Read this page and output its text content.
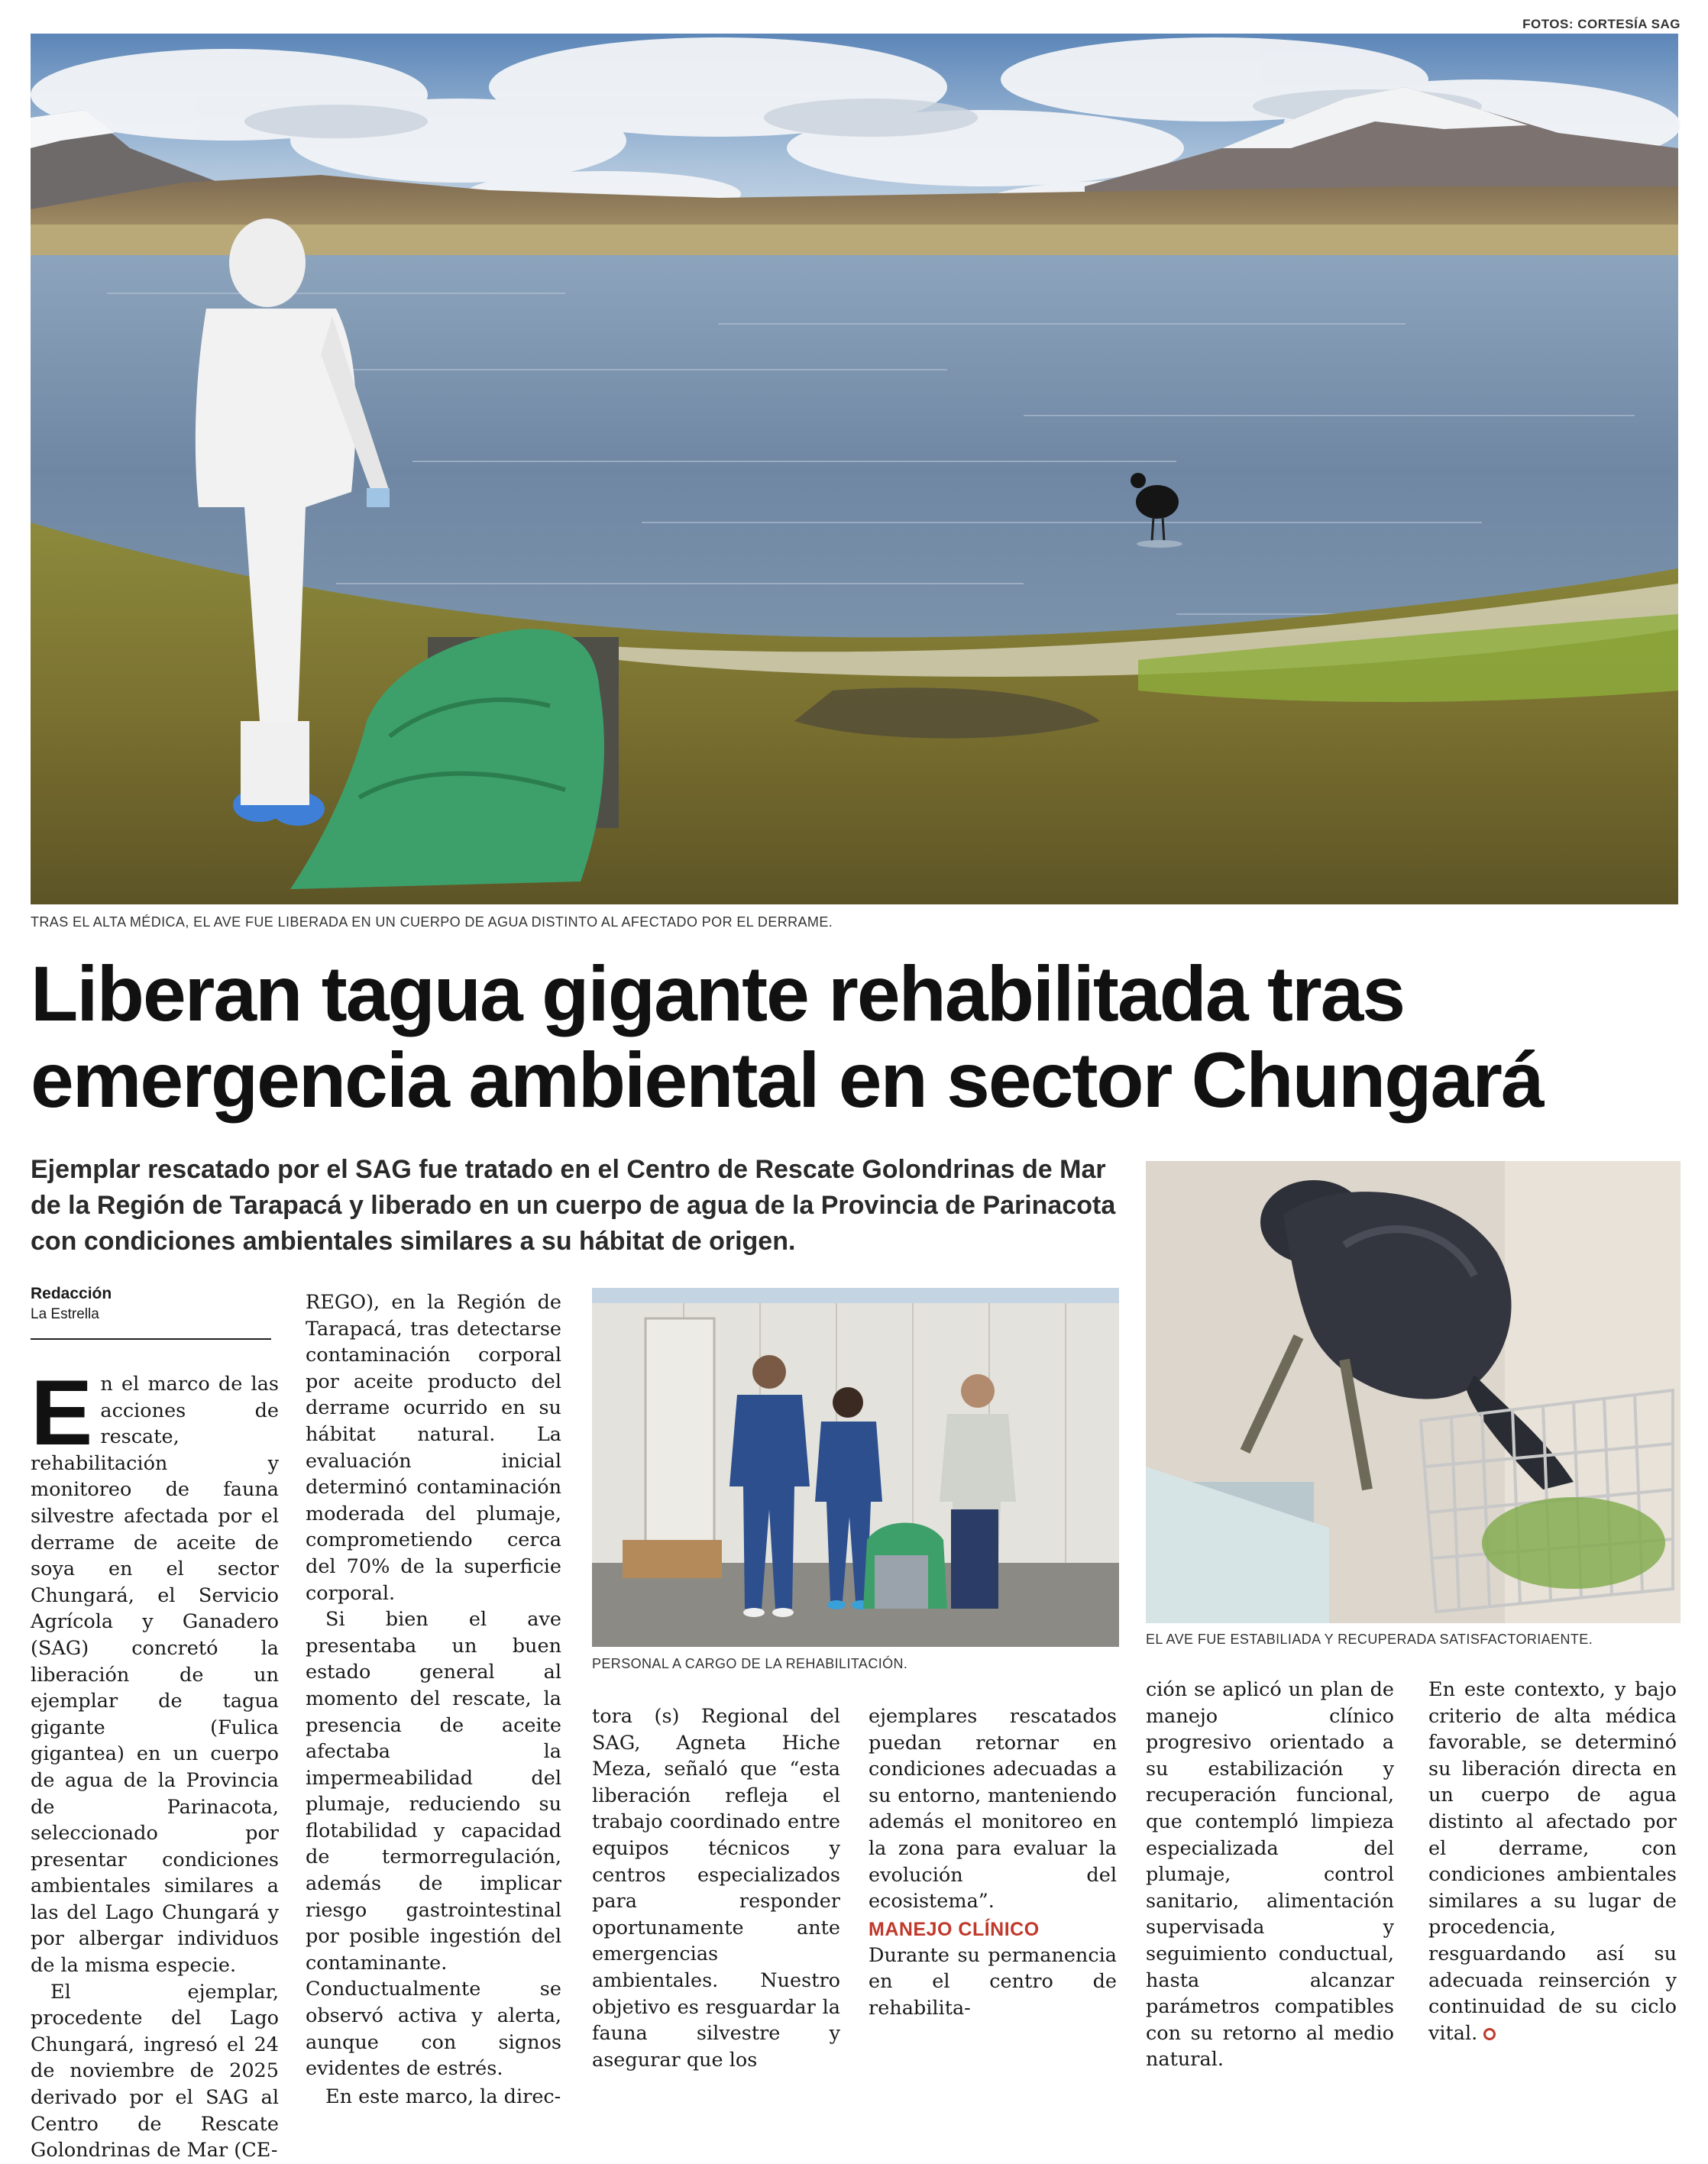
FOTOS: CORTESÍA SAG
TRAS EL ALTA MÉDICA, EL AVE FUE LIBERADA EN UN CUERPO DE AGUA DISTINTO AL AFECTADO POR EL DERRAME.
Liberan tagua gigante rehabilitada tras
emergencia ambiental en sector Chungará
Ejemplar rescatado por el SAG fue tratado en el Centro de Rescate Golondrinas de Mar de la Región de Tarapacá y liberado en un cuerpo de agua de la Provincia de Parinacota con condiciones ambientales similares a su hábitat de origen.
Redacción
La Estrella
PERSONAL A CARGO DE LA REHABILITACIÓN.
EL AVE FUE ESTABILIADA Y RECUPERADA SATISFACTORIAENTE.

En el marco de las acciones de rescate, rehabilitación y monitoreo de fauna silvestre afectada por el derrame de aceite de soya en el sector Chungará, el Servicio Agrícola y Ganadero (SAG) concretó la liberación de un ejemplar de tagua gigante (Fulica gigantea) en un cuerpo de agua de la Provincia de Parinacota, seleccionado por presentar condiciones ambientales similares a las del Lago Chungará y por albergar individuos de la misma especie.

El ejemplar, procedente del Lago Chungará, ingresó el 24 de noviembre de 2025 derivado por el SAG al Centro de Rescate Golondrinas de Mar (CE-

REGO), en la Región de Tarapacá, tras detectarse contaminación corporal por aceite producto del derrame ocurrido en su hábitat natural. La evaluación inicial determinó contaminación moderada del plumaje, comprometiendo cerca del 70% de la superficie corporal.

Si bien el ave presentaba un buen estado general al momento del rescate, la presencia de aceite afectaba la impermeabilidad del plumaje, reduciendo su flotabilidad y capacidad de termorregulación, además de implicar riesgo gastrointestinal por posible ingestión del contaminante. Conductualmente se observó activa y alerta, aunque con signos evidentes de estrés.

En este marco, la direc-

tora (s) Regional del SAG, Agneta Hiche Meza, señaló que “esta liberación refleja el trabajo coordinado entre equipos técnicos y centros especializados para responder oportunamente ante emergencias ambientales. Nuestro objetivo es resguardar la fauna silvestre y asegurar que los

ejemplares rescatados puedan retornar en condiciones adecuadas a su entorno, manteniendo además el monitoreo en la zona para evaluar la evolución del ecosistema”.

MANEJO CLÍNICO

Durante su permanencia en el centro de rehabilita-

ción se aplicó un plan de manejo clínico progresivo orientado a su estabilización y recuperación funcional, que contempló limpieza especializada del plumaje, control sanitario, alimentación supervisada y seguimiento conductual, hasta alcanzar parámetros compatibles con su retorno al medio natural.

En este contexto, y bajo criterio de alta médica favorable, se determinó su liberación directa en un cuerpo de agua distinto al afectado por el derrame, con condiciones ambientales similares a su lugar de procedencia, resguardando así su adecuada reinserción y continuidad de su ciclo vital.
